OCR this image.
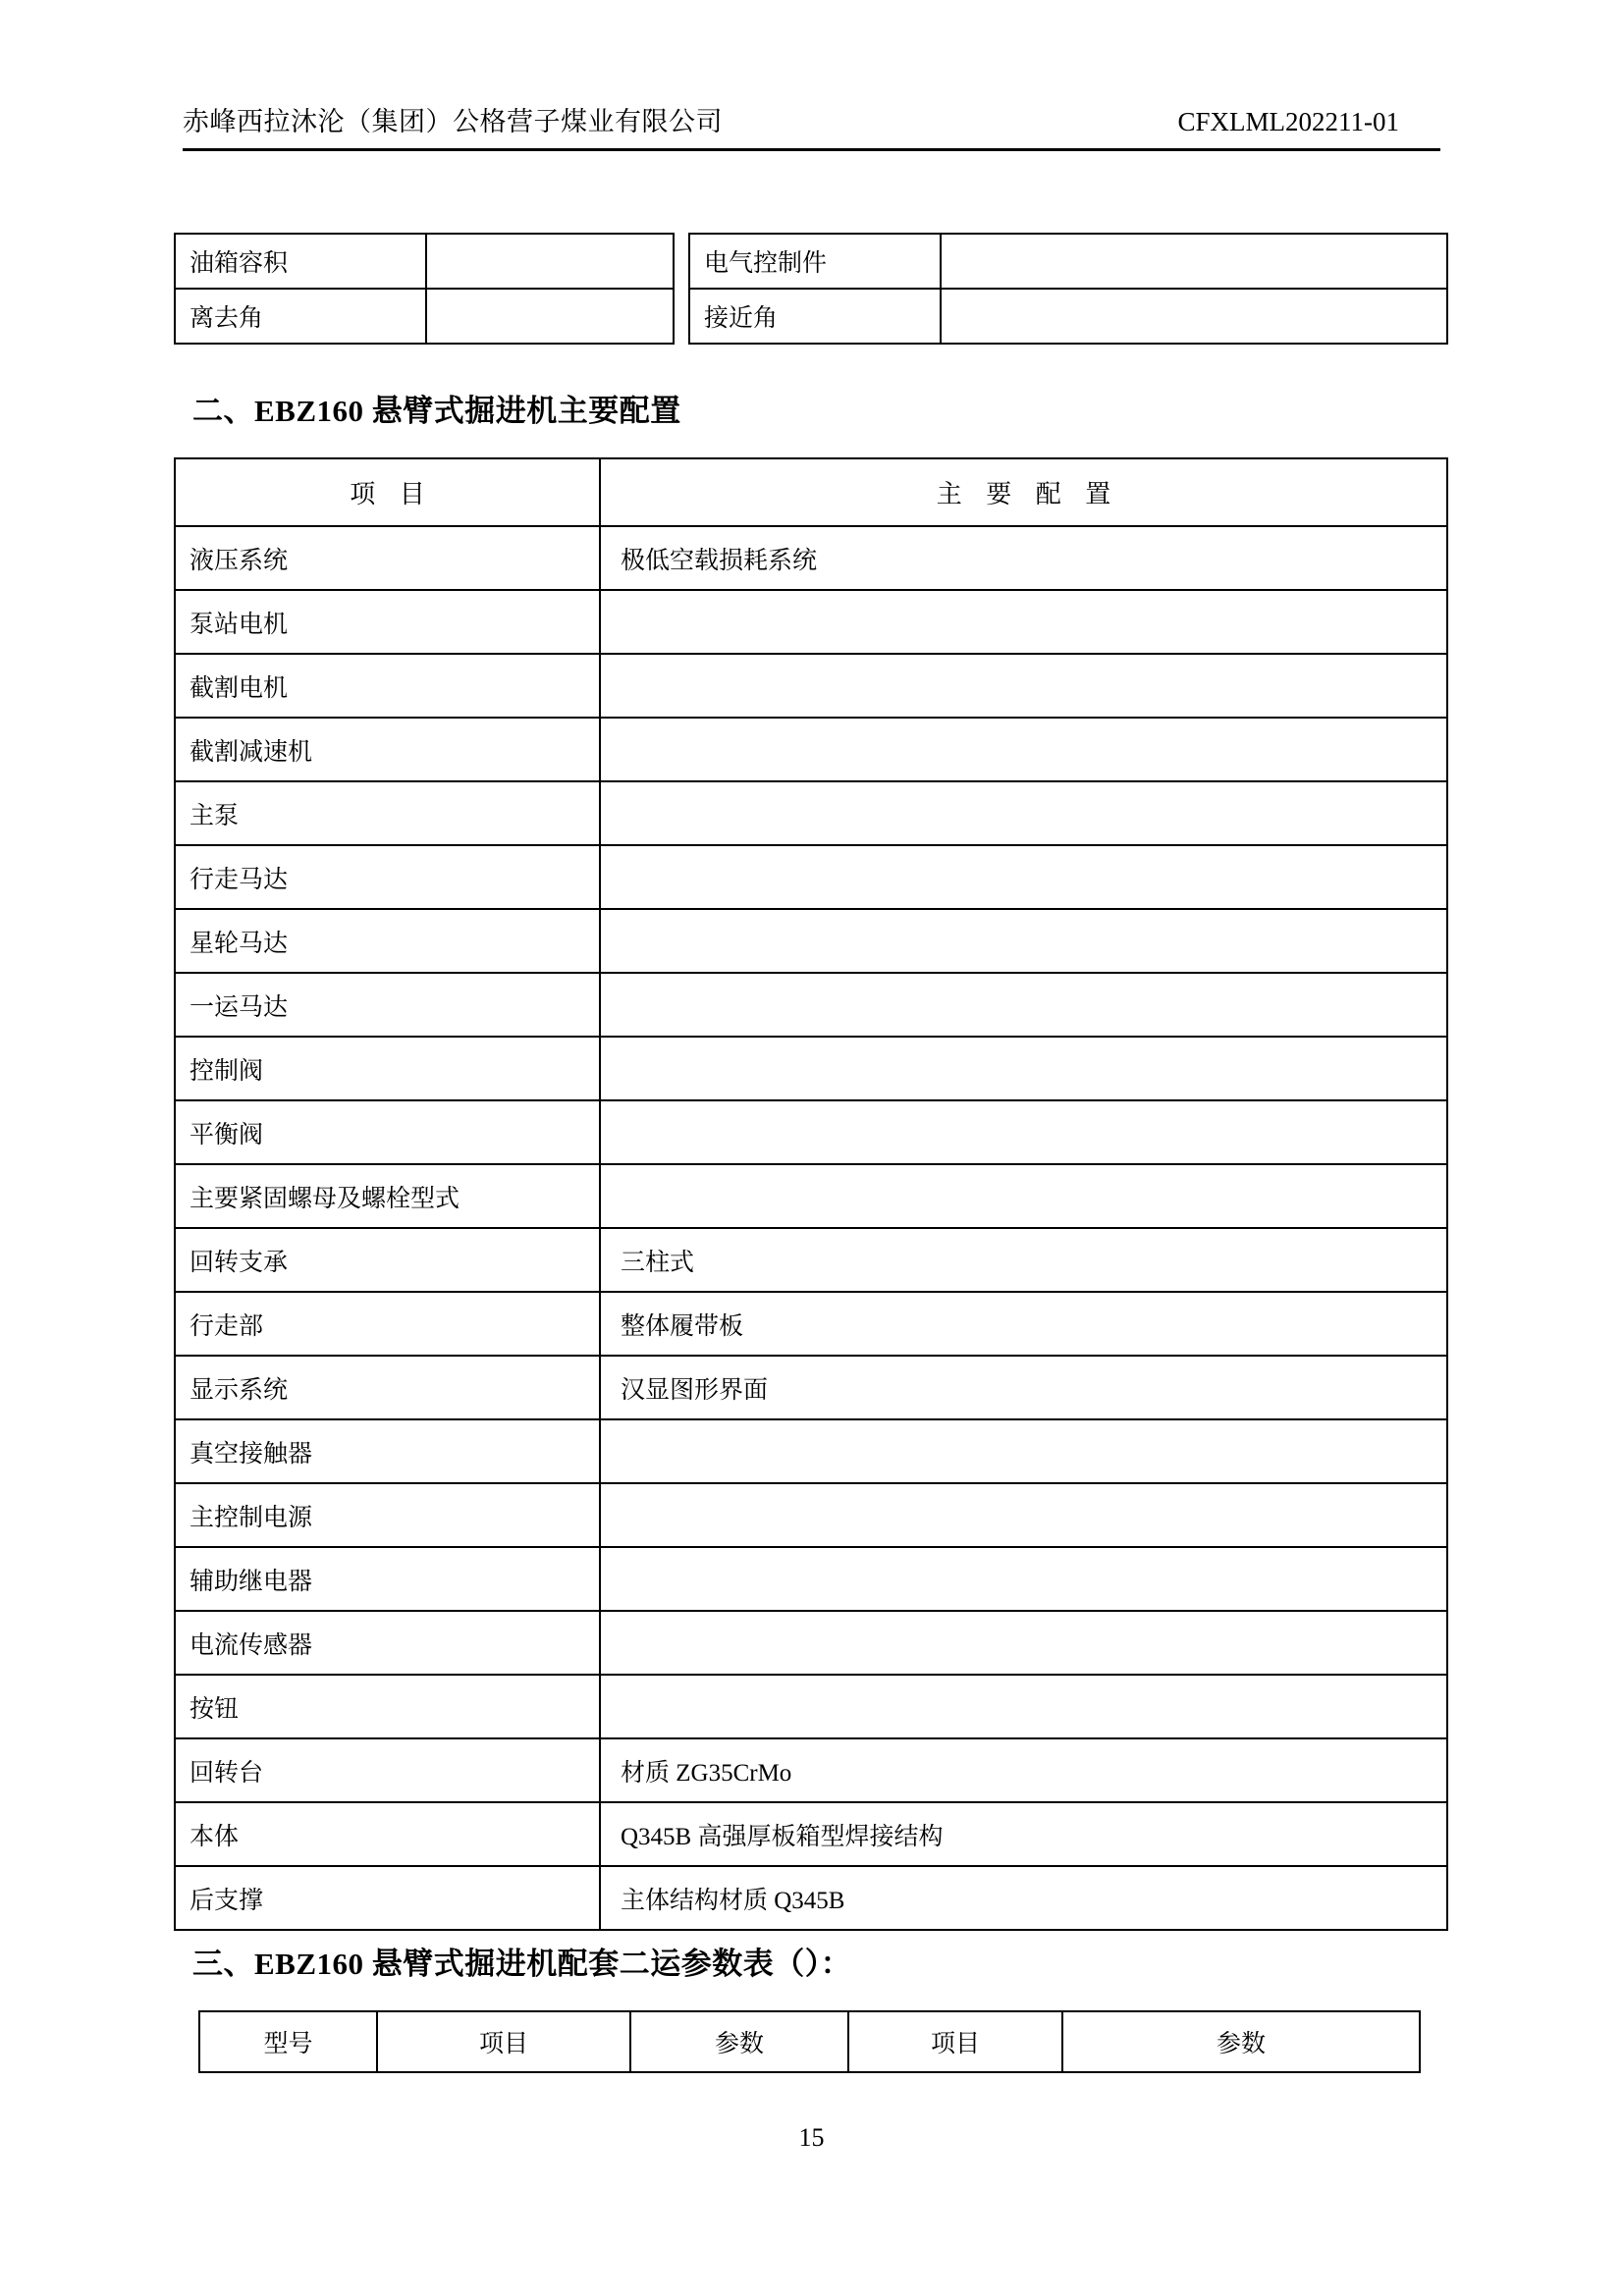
赤峰西拉沐沦（集团）公格营子煤业有限公司	CFXLML202211-01
油箱容积			电气控制件	
离去角			接近角	
二、EBZ160 悬臂式掘进机主要配置
项 目	主 要 配 置
液压系统	极低空载损耗系统
泵站电机	
截割电机	
截割减速机	
主泵	
行走马达	
星轮马达	
一运马达	
控制阀	
平衡阀	
主要紧固螺母及螺栓型式	
回转支承	三柱式
行走部	整体履带板
显示系统	汉显图形界面
真空接触器	
主控制电源	
辅助继电器	
电流传感器	
按钮	
回转台	材质 ZG35CrMo
本体	Q345B 高强厚板箱型焊接结构
后支撑	主体结构材质 Q345B
三、EBZ160 悬臂式掘进机配套二运参数表（）：
型号	项目	参数	项目	参数
15
